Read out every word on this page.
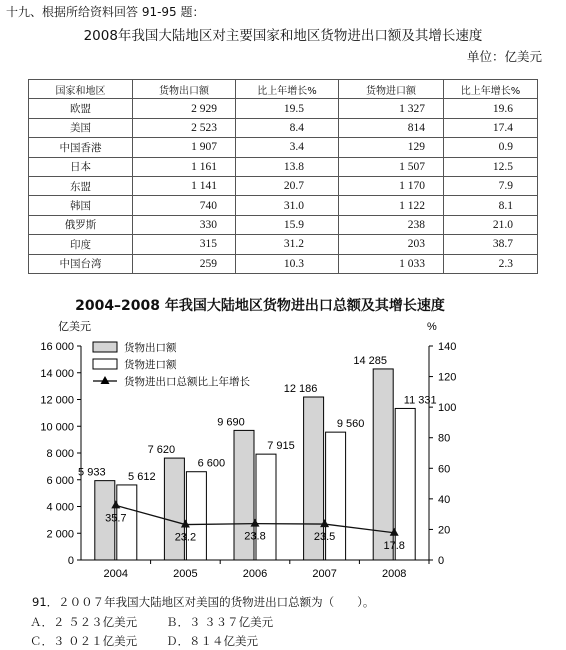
十九、根据所给资料回答 91-95 题：
2008年我国大陆地区对主要国家和地区货物进出口额及其增长速度
单位：亿美元
国家和地区	货物出口额	比上年增长%	货物进口额	比上年增长%
欧盟	2 929	19.5	1 327	19.6
美国	2 523	8.4	814	17.4
中国香港	1 907	3.4	129	0.9
日本	1 161	13.8	1 507	12.5
东盟	1 141	20.7	1 170	7.9
韩国	740	31.0	1 122	8.1
俄罗斯	330	15.9	238	21.0
印度	315	31.2	203	38.7
中国台湾	259	10.3	1 033	2.3
2004–2008 年我国大陆地区货物进出口总额及其增长速度
亿美元	%
0
2 000
4 000
6 000
8 000
10 000
12 000
14 000
16 000
0
20
40
60
80
100
120
140
2004
5 933 5 612
2005
7 620
6 600
2006
9 690
7 915
2007
12 186
9 560
2008
14 285
11 331
35.7
23.2	23.8	23.5
17.8
货物出口额
货物进口额
货物进出口总额比上年增长
91．２００７年我国大陆地区对美国的货物进出口总额为（　　）。
Ａ．２ ５２３亿美元	Ｂ．３ ３３７亿美元
Ｃ．３ ０２１亿美元	Ｄ．８１４亿美元
